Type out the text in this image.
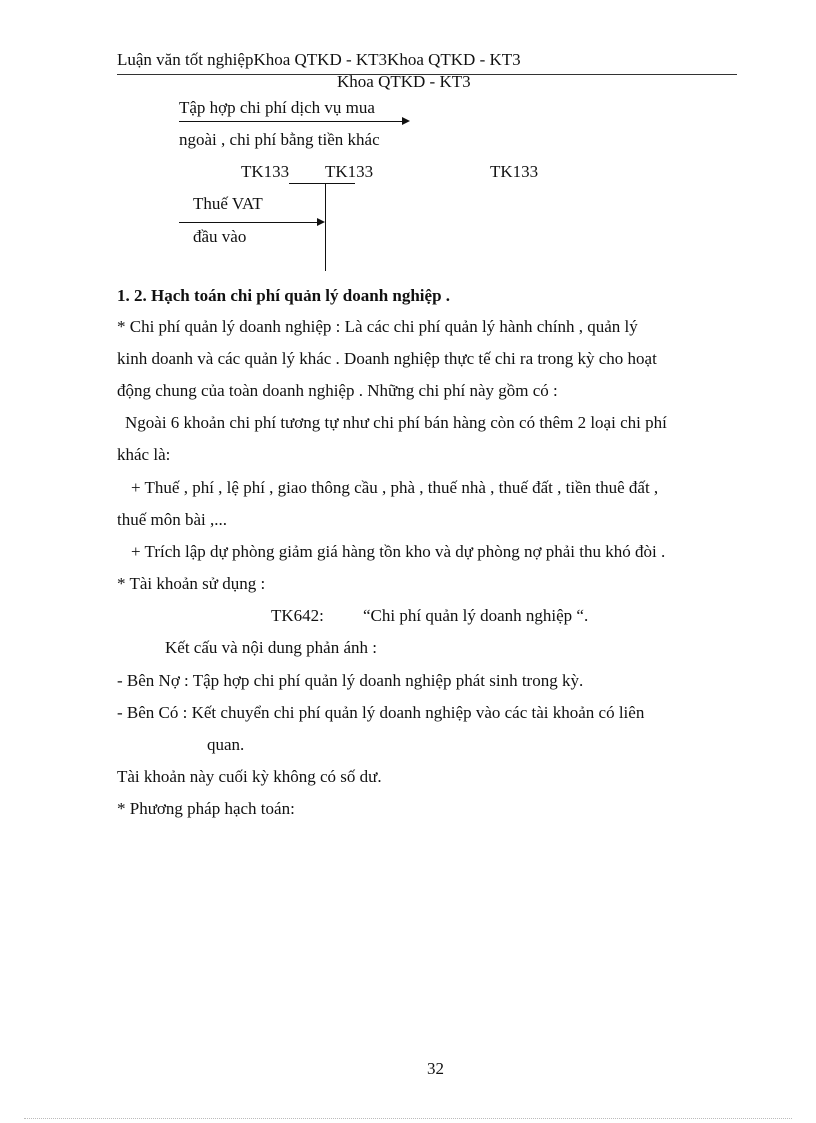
Luận văn tốt nghiệpKhoa QTKD - KT3Khoa QTKD - KT3
Khoa QTKD - KT3
Tập hợp chi phí dịch vụ mua
ngoài , chi phí bằng tiền khác
TK133 TK133	TK133
Thuế VAT
đầu vào
1. 2. Hạch toán chi phí quản lý doanh nghiệp .
* Chi phí quản lý doanh nghiệp : Là các chi phí quản lý hành chính , quản lý
kinh doanh và các quản lý khác . Doanh nghiệp thực tế chi ra trong kỳ cho hoạt
động chung của toàn doanh nghiệp . Những chi phí này gồm có :
Ngoài 6 khoản chi phí tương tự như chi phí bán hàng còn có thêm 2 loại chi phí
khác là:
+ Thuế , phí , lệ phí , giao thông cầu , phà , thuế nhà , thuế đất , tiền thuê đất ,
thuế môn bài ,...
+ Trích lập dự phòng giảm giá hàng tồn kho và dự phòng nợ phải thu khó đòi .
* Tài khoản sử dụng :
TK642: “Chi phí quản lý doanh nghiệp “.
Kết cấu và nội dung phản ánh :
- Bên Nợ : Tập hợp chi phí quản lý doanh nghiệp phát sinh trong kỳ.
- Bên Có : Kết chuyển chi phí quản lý doanh nghiệp vào các tài khoản có liên
quan.
Tài khoản này cuối kỳ không có số dư.
* Phương pháp hạch toán:
32
